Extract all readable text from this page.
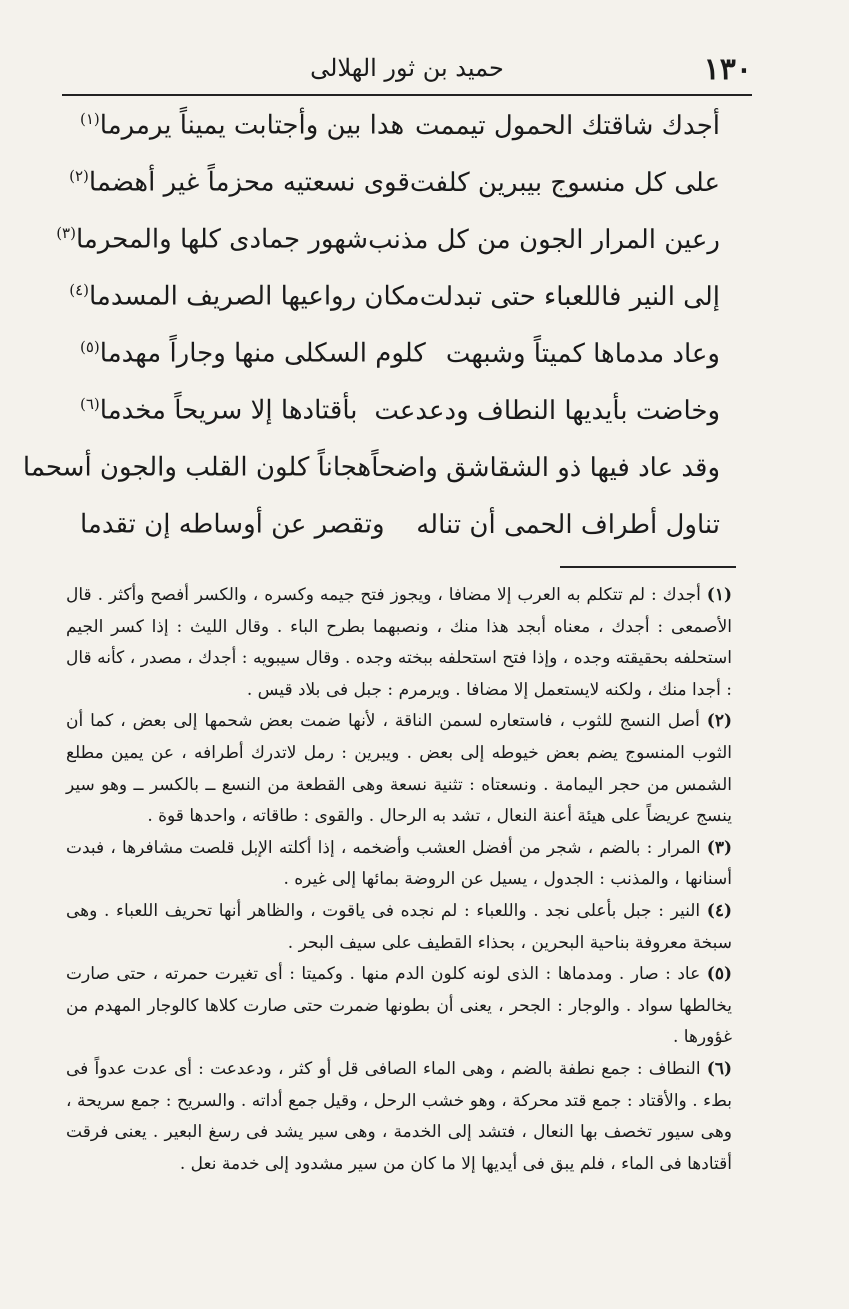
١٣٠
حميد بن ثور الهلالى
أجدك شاقتك الحمول تيممت
هدا بين وأجتابت يميناً يرمرما$^{(١)}$
على كل منسوج بيبرين كلفت
قوى نسعتيه محزماً غير أهضما$^{(٢)}$
رعين المرار الجون من كل مذنب
شهور جمادى كلها والمحرما$^{(٣)}$
إلى النير فاللعباء حتى تبدلت
مكان رواعيها الصريف المسدما$^{(٤)}$
وعاد مدماها كميتاً وشبهت
كلوم السكلى منها وجاراً مهدما$^{(٥)}$
وخاضت بأيديها النطاف ودعدعت
بأقتادها إلا سريحاً مخدما$^{(٦)}$
وقد عاد فيها ذو الشقاشق واضحاً
هجاناً كلون القلب والجون أسحما
تناول أطراف الحمى أن تناله
وتقصر عن أوساطه إن تقدما

(١) أجدك : لم تتكلم به العرب إلا مضافا ، ويجوز فتح جيمه وكسره ، والكسر أفصح وأكثر . قال الأصمعى : أجدك ، معناه أبجد هذا منك ، ونصبهما بطرح الباء . وقال الليث : إذا كسر الجيم استحلفه بحقيقته وجده ، وإذا فتح استحلفه ببخته وجده . وقال سيبويه : أجدك ، مصدر ، كأنه قال : أجدا منك ، ولكنه لايستعمل إلا مضافا . ويرمرم : جبل فى بلاد قيس .

(٢) أصل النسج للثوب ، فاستعاره لسمن الناقة ، لأنها ضمت بعض شحمها إلى بعض ، كما أن الثوب المنسوج يضم بعض خيوطه إلى بعض . ويبرين : رمل لاتدرك أطرافه ، عن يمين مطلع الشمس من حجر اليمامة . ونسعتاه : تثنية نسعة وهى القطعة من النسع ــ بالكسر ــ وهو سير ينسج عريضاً على هيئة أعنة النعال ، تشد به الرحال . والقوى : طاقاته ، واحدها قوة .

(٣) المرار : بالضم ، شجر من أفضل العشب وأضخمه ، إذا أكلته الإبل قلصت مشافرها ، فبدت أسنانها ، والمذنب : الجدول ، يسيل عن الروضة بمائها إلى غيره .

(٤) النير : جبل بأعلى نجد . واللعباء : لم نجده فى ياقوت ، والظاهر أنها تحريف اللعباء . وهى سبخة معروفة بناحية البحرين ، بحذاء القطيف على سيف البحر .

(٥) عاد : صار . ومدماها : الذى لونه كلون الدم منها . وكميتا : أى تغيرت حمرته ، حتى صارت يخالطها سواد . والوجار : الجحر ، يعنى أن بطونها ضمرت حتى صارت كلاها كالوجار المهدم من غؤورها .

(٦) النطاف : جمع نطفة بالضم ، وهى الماء الصافى قل أو كثر ، ودعدعت : أى عدت عدواً فى بطء . والأقتاد : جمع قتد محركة ، وهو خشب الرحل ، وقيل جمع أداته . والسريح : جمع سريحة ، وهى سيور تخصف بها النعال ، فتشد إلى الخدمة ، وهى سير يشد فى رسغ البعير . يعنى فرقت أقتادها فى الماء ، فلم يبق فى أيديها إلا ما كان من سير مشدود إلى خدمة نعل .
